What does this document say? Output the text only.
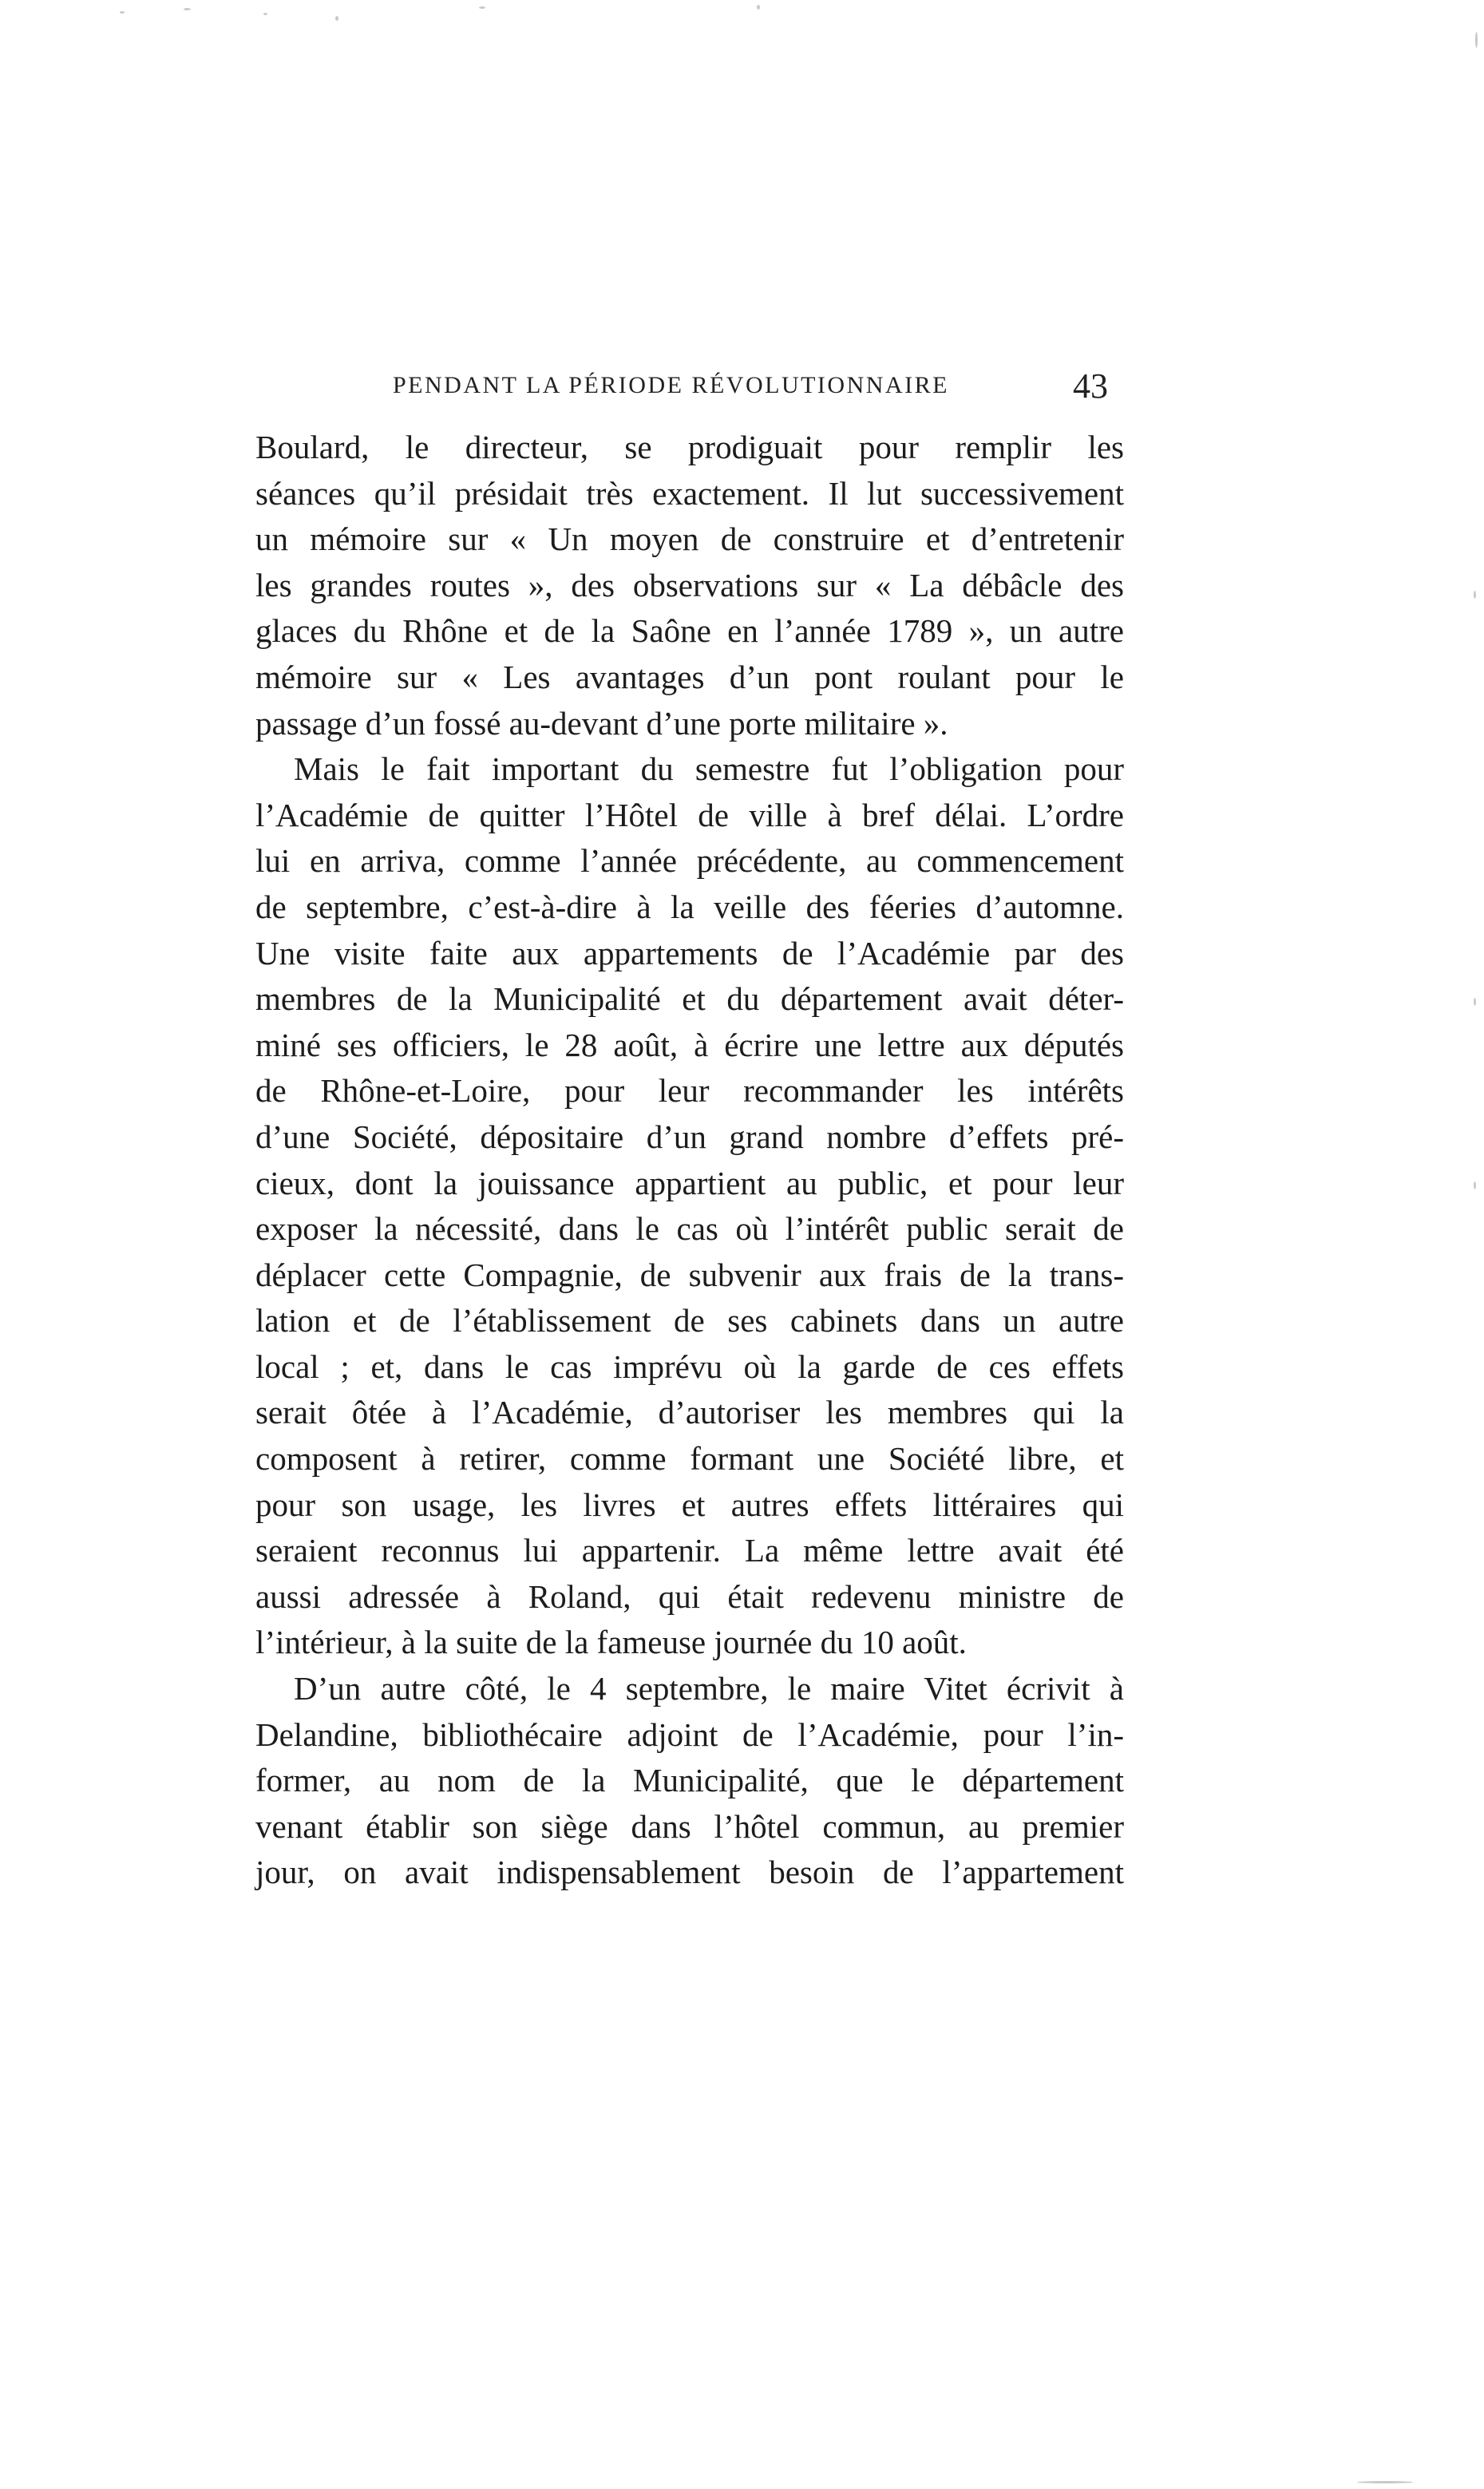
PENDANT LA PÉRIODE RÉVOLUTIONNAIRE	43
Boulard, le directeur, se prodiguait pour remplir les
séances qu’il présidait très exactement. Il lut successivement
un mémoire sur « Un moyen de construire et d’entretenir
les grandes routes », des observations sur « La débâcle des
glaces du Rhône et de la Saône en l’année 1789 », un autre
mémoire sur « Les avantages d’un pont roulant pour le
passage d’un fossé au-devant d’une porte militaire ».
Mais le fait important du semestre fut l’obligation pour
l’Académie de quitter l’Hôtel de ville à bref délai. L’ordre
lui en arriva, comme l’année précédente, au commencement
de septembre, c’est-à-dire à la veille des féeries d’automne.
Une visite faite aux appartements de l’Académie par des
membres de la Municipalité et du département avait déter-
miné ses officiers, le 28 août, à écrire une lettre aux députés
de Rhône-et-Loire, pour leur recommander les intérêts
d’une Société, dépositaire d’un grand nombre d’effets pré-
cieux, dont la jouissance appartient au public, et pour leur
exposer la nécessité, dans le cas où l’intérêt public serait de
déplacer cette Compagnie, de subvenir aux frais de la trans-
lation et de l’établissement de ses cabinets dans un autre
local ; et, dans le cas imprévu où la garde de ces effets
serait ôtée à l’Académie, d’autoriser les membres qui la
composent à retirer, comme formant une Société libre, et
pour son usage, les livres et autres effets littéraires qui
seraient reconnus lui appartenir. La même lettre avait été
aussi adressée à Roland, qui était redevenu ministre de
l’intérieur, à la suite de la fameuse journée du 10 août.
D’un autre côté, le 4 septembre, le maire Vitet écrivit à
Delandine, bibliothécaire adjoint de l’Académie, pour l’in-
former, au nom de la Municipalité, que le département
venant établir son siège dans l’hôtel commun, au premier
jour, on avait indispensablement besoin de l’appartement
